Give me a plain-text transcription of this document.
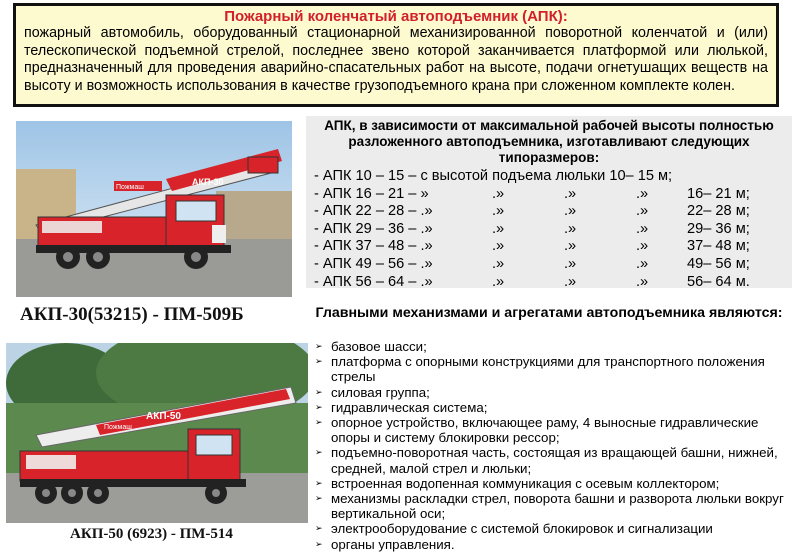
Пожарный коленчатый автоподъемник (АПК):
пожарный автомобиль, оборудованный стационарной механизированной поворотной коленчатой и (или) телескопической подъемной стрелой, последнее звено которой заканчивается платформой или люлькой, предназначенный для проведения аварийно-спасательных работ на высоте, подачи огнетушащих веществ на высоту и возможность использования в качестве грузоподъемного крана при сложенном комплекте колен.
АКП-30
Пожмаш
АКП-30(53215) - ПМ-509Б
АКП-50
Пожмаш
АКП-50 (6923) - ПМ-514
АПК, в зависимости от максимальной рабочей высоты полностью разложенного автоподъемника, изготавливают следующих типоразмеров:
- АПК 10 – 15 – с высотой подъема люльки 10– 15 м;
- АПК 16 – 21 – »	.»	.»	.»	16– 21 м;
- АПК 22 – 28 – .»	.»	.»	.»	22– 28 м;
- АПК 29 – 36 – .»	.»	.»	.»	29– 36 м;
- АПК 37 – 48 – .»	.»	.»	.»	37– 48 м;
- АПК 49 – 56 – .»	.»	.»	.»	49– 56 м;
- АПК 56 – 64 – .»	.»	.»	.»	56– 64 м.
Главными механизмами и агрегатами автоподъемника являются:
➢ базовое шасси;
➢ платформа с опорными конструкциями для транспортного положения стрелы
➢ силовая группа;
➢ гидравлическая система;
➢ опорное устройство, включающее раму, 4 выносные гидравлические опоры и систему блокировки рессор;
➢ подъемно-поворотная часть, состоящая из вращающей башни, нижней, средней, малой стрел и люльки;
➢ встроенная водопенная коммуникация с осевым коллектором;
➢ механизмы раскладки стрел, поворота башни и разворота люльки вокруг вертикальной оси;
➢ электрооборудование с системой блокировок и сигнализации
➢ органы управления.
